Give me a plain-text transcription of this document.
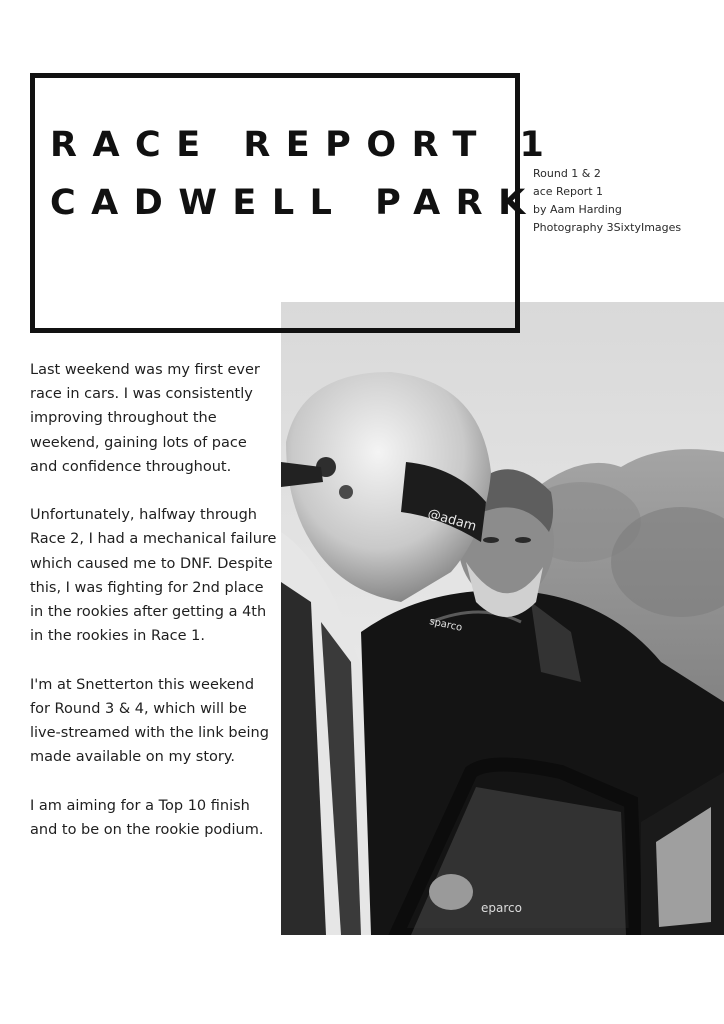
@adam
sparco
eparco
RACE REPORT 1
CADWELL PARK
Round 1 & 2
ace Report 1
by Aam Harding
Photography 3SixtyImages

Last weekend was my first ever race in cars. I was consistently improving throughout the weekend, gaining lots of pace and confidence throughout.

Unfortunately, halfway through Race 2, I had a mechanical failure which caused me to DNF. Despite this, I was fighting for 2nd place in the rookies after getting a 4th in the rookies in Race 1.

I'm at Snetterton this weekend for Round 3 & 4, which will be live-streamed with the link being made available on my story.

I am aiming for a Top 10 finish and to be on the rookie podium.
